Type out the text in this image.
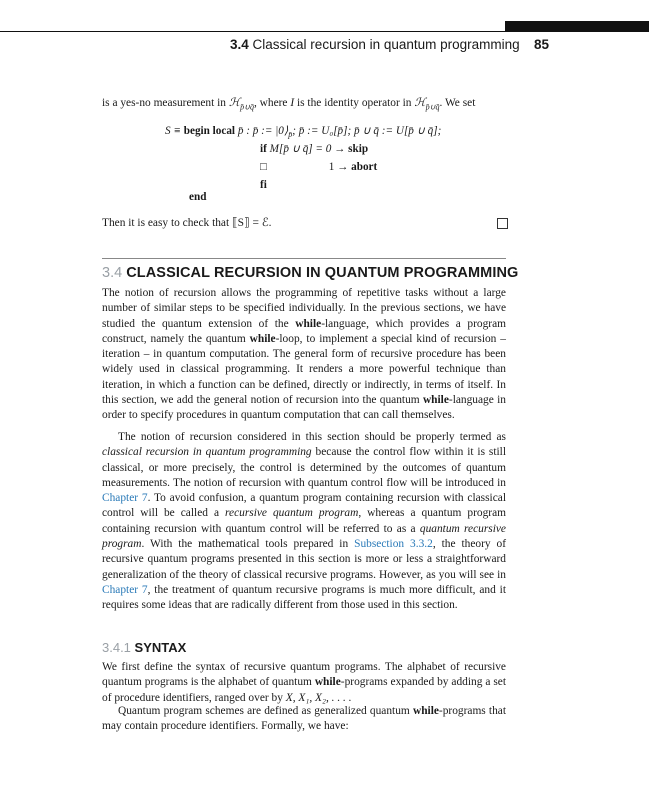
3.4 Classical recursion in quantum programming 85
is a yes-no measurement in ℋ$_{p̄\cup q̄}$, where I is the identity operator in ℋ$_{p̄\cup q̄}$. We set
S ≡ begin local p̄ : p̄ := $|0⟩_{p̄}$; p̄ := U₀[p̄]; p̄ ∪ q̄ := U[p̄ ∪ q̄];
if M[p̄ ∪ q̄] = 0 → skip
□	1 → abort
fi
end
Then it is easy to check that ⟦S⟧ = ℰ.
3.4 CLASSICAL RECURSION IN QUANTUM PROGRAMMING
The notion of recursion allows the programming of repetitive tasks without a large number of similar steps to be specified individually. In the previous sections, we have studied the quantum extension of the while-language, which provides a program construct, namely the quantum while-loop, to implement a special kind of recursion – iteration – in quantum computation. The general form of recursive procedure has been widely used in classical programming. It renders a more powerful technique than iteration, in which a function can be defined, directly or indirectly, in terms of itself. In this section, we add the general notion of recursion into the quantum while-language in order to specify procedures in quantum computation that can call themselves.
The notion of recursion considered in this section should be properly termed as classical recursion in quantum programming because the control flow within it is still classical, or more precisely, the control is determined by the outcomes of quantum measurements. The notion of recursion with quantum control flow will be introduced in Chapter 7. To avoid confusion, a quantum program containing recursion with classical control will be called a recursive quantum program, whereas a quantum program containing recursion with quantum control will be referred to as a quantum recursive program. With the mathematical tools prepared in Subsection 3.3.2, the theory of recursive quantum programs presented in this section is more or less a straightforward generalization of the theory of classical recursive programs. However, as you will see in Chapter 7, the treatment of quantum recursive programs is much more difficult, and it requires some ideas that are radically different from those used in this section.
3.4.1 SYNTAX
We first define the syntax of recursive quantum programs. The alphabet of recursive quantum programs is the alphabet of quantum while-programs expanded by adding a set of procedure identifiers, ranged over by X, X₁, X₂, . . . .
Quantum program schemes are defined as generalized quantum while-programs that may contain procedure identifiers. Formally, we have:
